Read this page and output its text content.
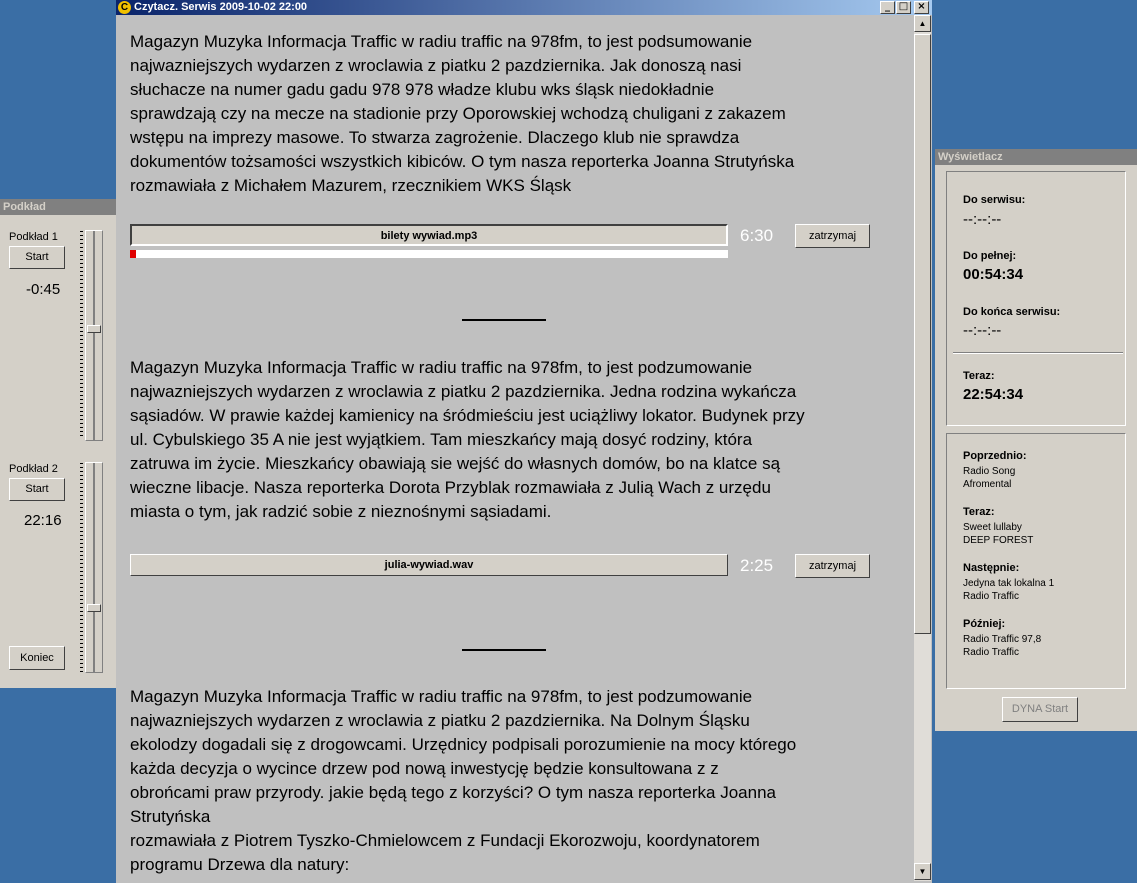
Podkład
Podkład 1
Start
-0:45
Podkład 2
Start
22:16
Koniec
C Czytacz. Serwis 2009-10-02 22:00	_ □ ×
Magazyn Muzyka Informacja Traffic w radiu traffic na 978fm, to jest podsumowanie
najwazniejszych wydarzen z wroclawia z piatku 2 pazdziernika. Jak donoszą nasi
słuchacze na numer gadu gadu 978 978 władze klubu wks śląsk niedokładnie
sprawdzają czy na mecze na stadionie przy Oporowskiej wchodzą chuligani z zakazem
wstępu na imprezy masowe. To stwarza zagrożenie. Dlaczego klub nie sprawdza
dokumentów tożsamości wszystkich kibiców. O tym nasza reporterka Joanna Strutyńska
rozmawiała z Michałem Mazurem, rzecznikiem WKS Śląsk
bilety wywiad.mp3	6:30	zatrzymaj
Magazyn Muzyka Informacja Traffic w radiu traffic na 978fm, to jest podzumowanie
najwazniejszych wydarzen z wroclawia z piatku 2 pazdziernika. Jedna rodzina wykańcza
sąsiadów. W prawie każdej kamienicy na śródmieściu jest uciążliwy lokator. Budynek przy
ul. Cybulskiego 35 A nie jest wyjątkiem. Tam mieszkańcy mają dosyć rodziny, która
zatruwa im życie. Mieszkańcy obawiają sie wejść do własnych domów, bo na klatce są
wieczne libacje. Nasza reporterka Dorota Przyblak rozmawiała z Julią Wach z urzędu
miasta o tym, jak radzić sobie z nieznośnymi sąsiadami.
julia-wywiad.wav	2:25	zatrzymaj
Magazyn Muzyka Informacja Traffic w radiu traffic na 978fm, to jest podzumowanie
najwazniejszych wydarzen z wroclawia z piatku 2 pazdziernika. Na Dolnym Śląsku
ekolodzy dogadali się z drogowcami. Urzędnicy podpisali porozumienie na mocy którego
każda decyzja o wycince drzew pod nową inwestycję będzie konsultowana z z
obrońcami praw przyrody. jakie będą tego z korzyści? O tym nasza reporterka Joanna
Strutyńska
rozmawiała z Piotrem Tyszko-Chmielowcem z Fundacji Ekorozwoju, koordynatorem
programu Drzewa dla natury:
▲
▼
Wyświetlacz
Do serwisu:
--:--:--
Do pełnej:
00:54:34
Do końca serwisu:
--:--:--
Teraz:
22:54:34
Poprzednio:
Radio Song
Afromental
Teraz:
Sweet lullaby
DEEP FOREST
Następnie:
Jedyna tak lokalna 1
Radio Traffic
Później:
Radio Traffic 97,8
Radio Traffic
DYNA Start
